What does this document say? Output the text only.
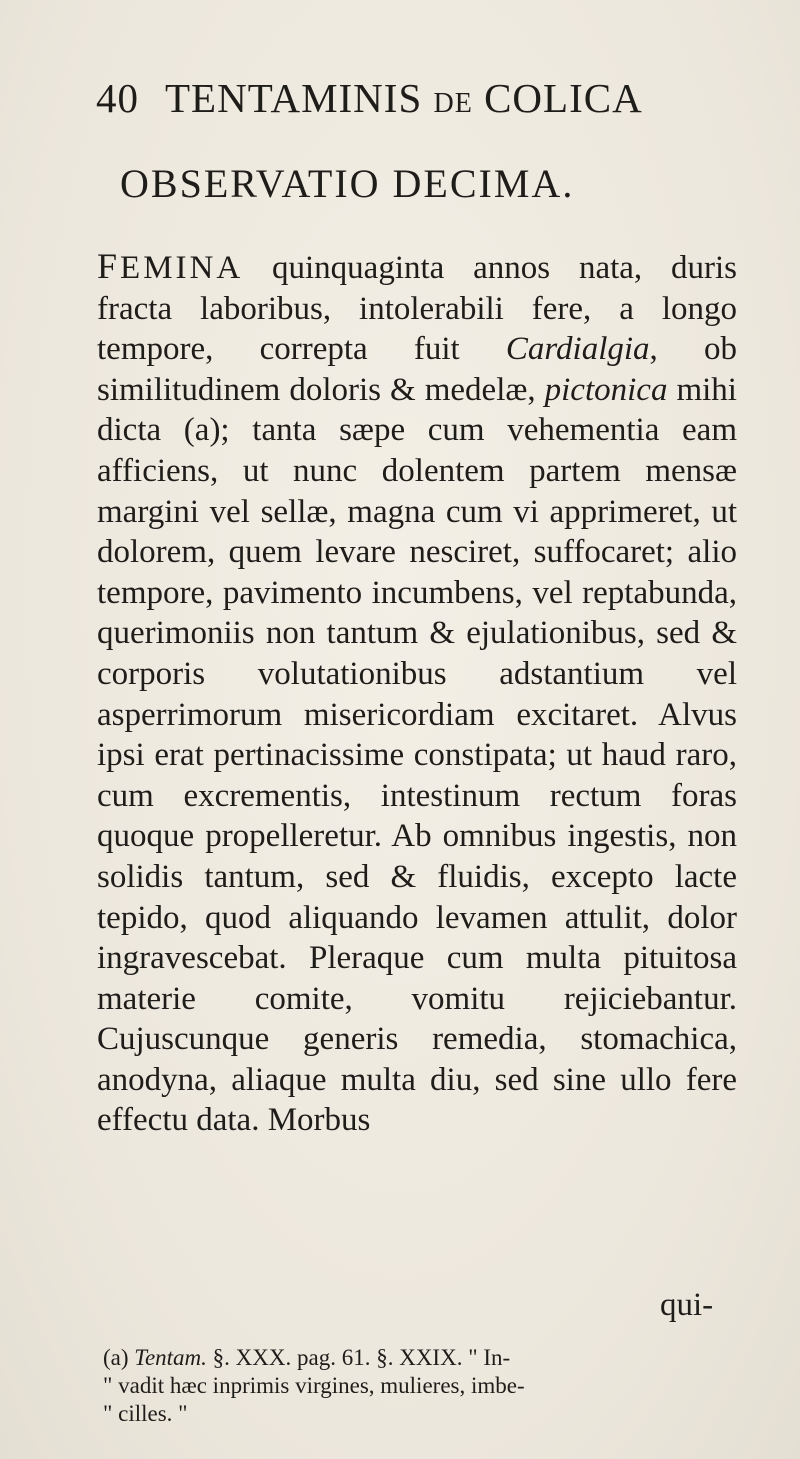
40 TENTAMINIS DE COLICA
OBSERVATIO DECIMA.
FEMINA quinquaginta annos nata, duris fracta laboribus, intolerabili fere, a longo tempore, correpta fuit Cardialgia, ob similitudinem doloris & medelæ, pictonica mihi dicta (a); tanta sæpe cum vehementia eam afficiens, ut nunc dolentem partem mensæ margini vel sellæ, magna cum vi apprimeret, ut dolorem, quem levare nesciret, suffocaret; alio tempore, pavimento incumbens, vel reptabunda, querimoniis non tantum & ejulationibus, sed & corporis volutationibus adstantium vel asperrimorum misericordiam excitaret. Alvus ipsi erat pertinacissime constipata; ut haud raro, cum excrementis, intestinum rectum foras quoque propelleretur. Ab omnibus ingestis, non solidis tantum, sed & fluidis, excepto lacte tepido, quod aliquando levamen attulit, dolor ingravescebat. Pleraque cum multa pituitosa materie comite, vomitu rejiciebantur. Cujuscunque generis remedia, stomachica, anodyna, aliaque multa diu, sed sine ullo fere effectu data. Morbus
qui-
(a) Tentam. §. XXX. pag. 61. §. XXIX. " In-
" vadit hæc inprimis virgines, mulieres, imbe-
" cilles. "
